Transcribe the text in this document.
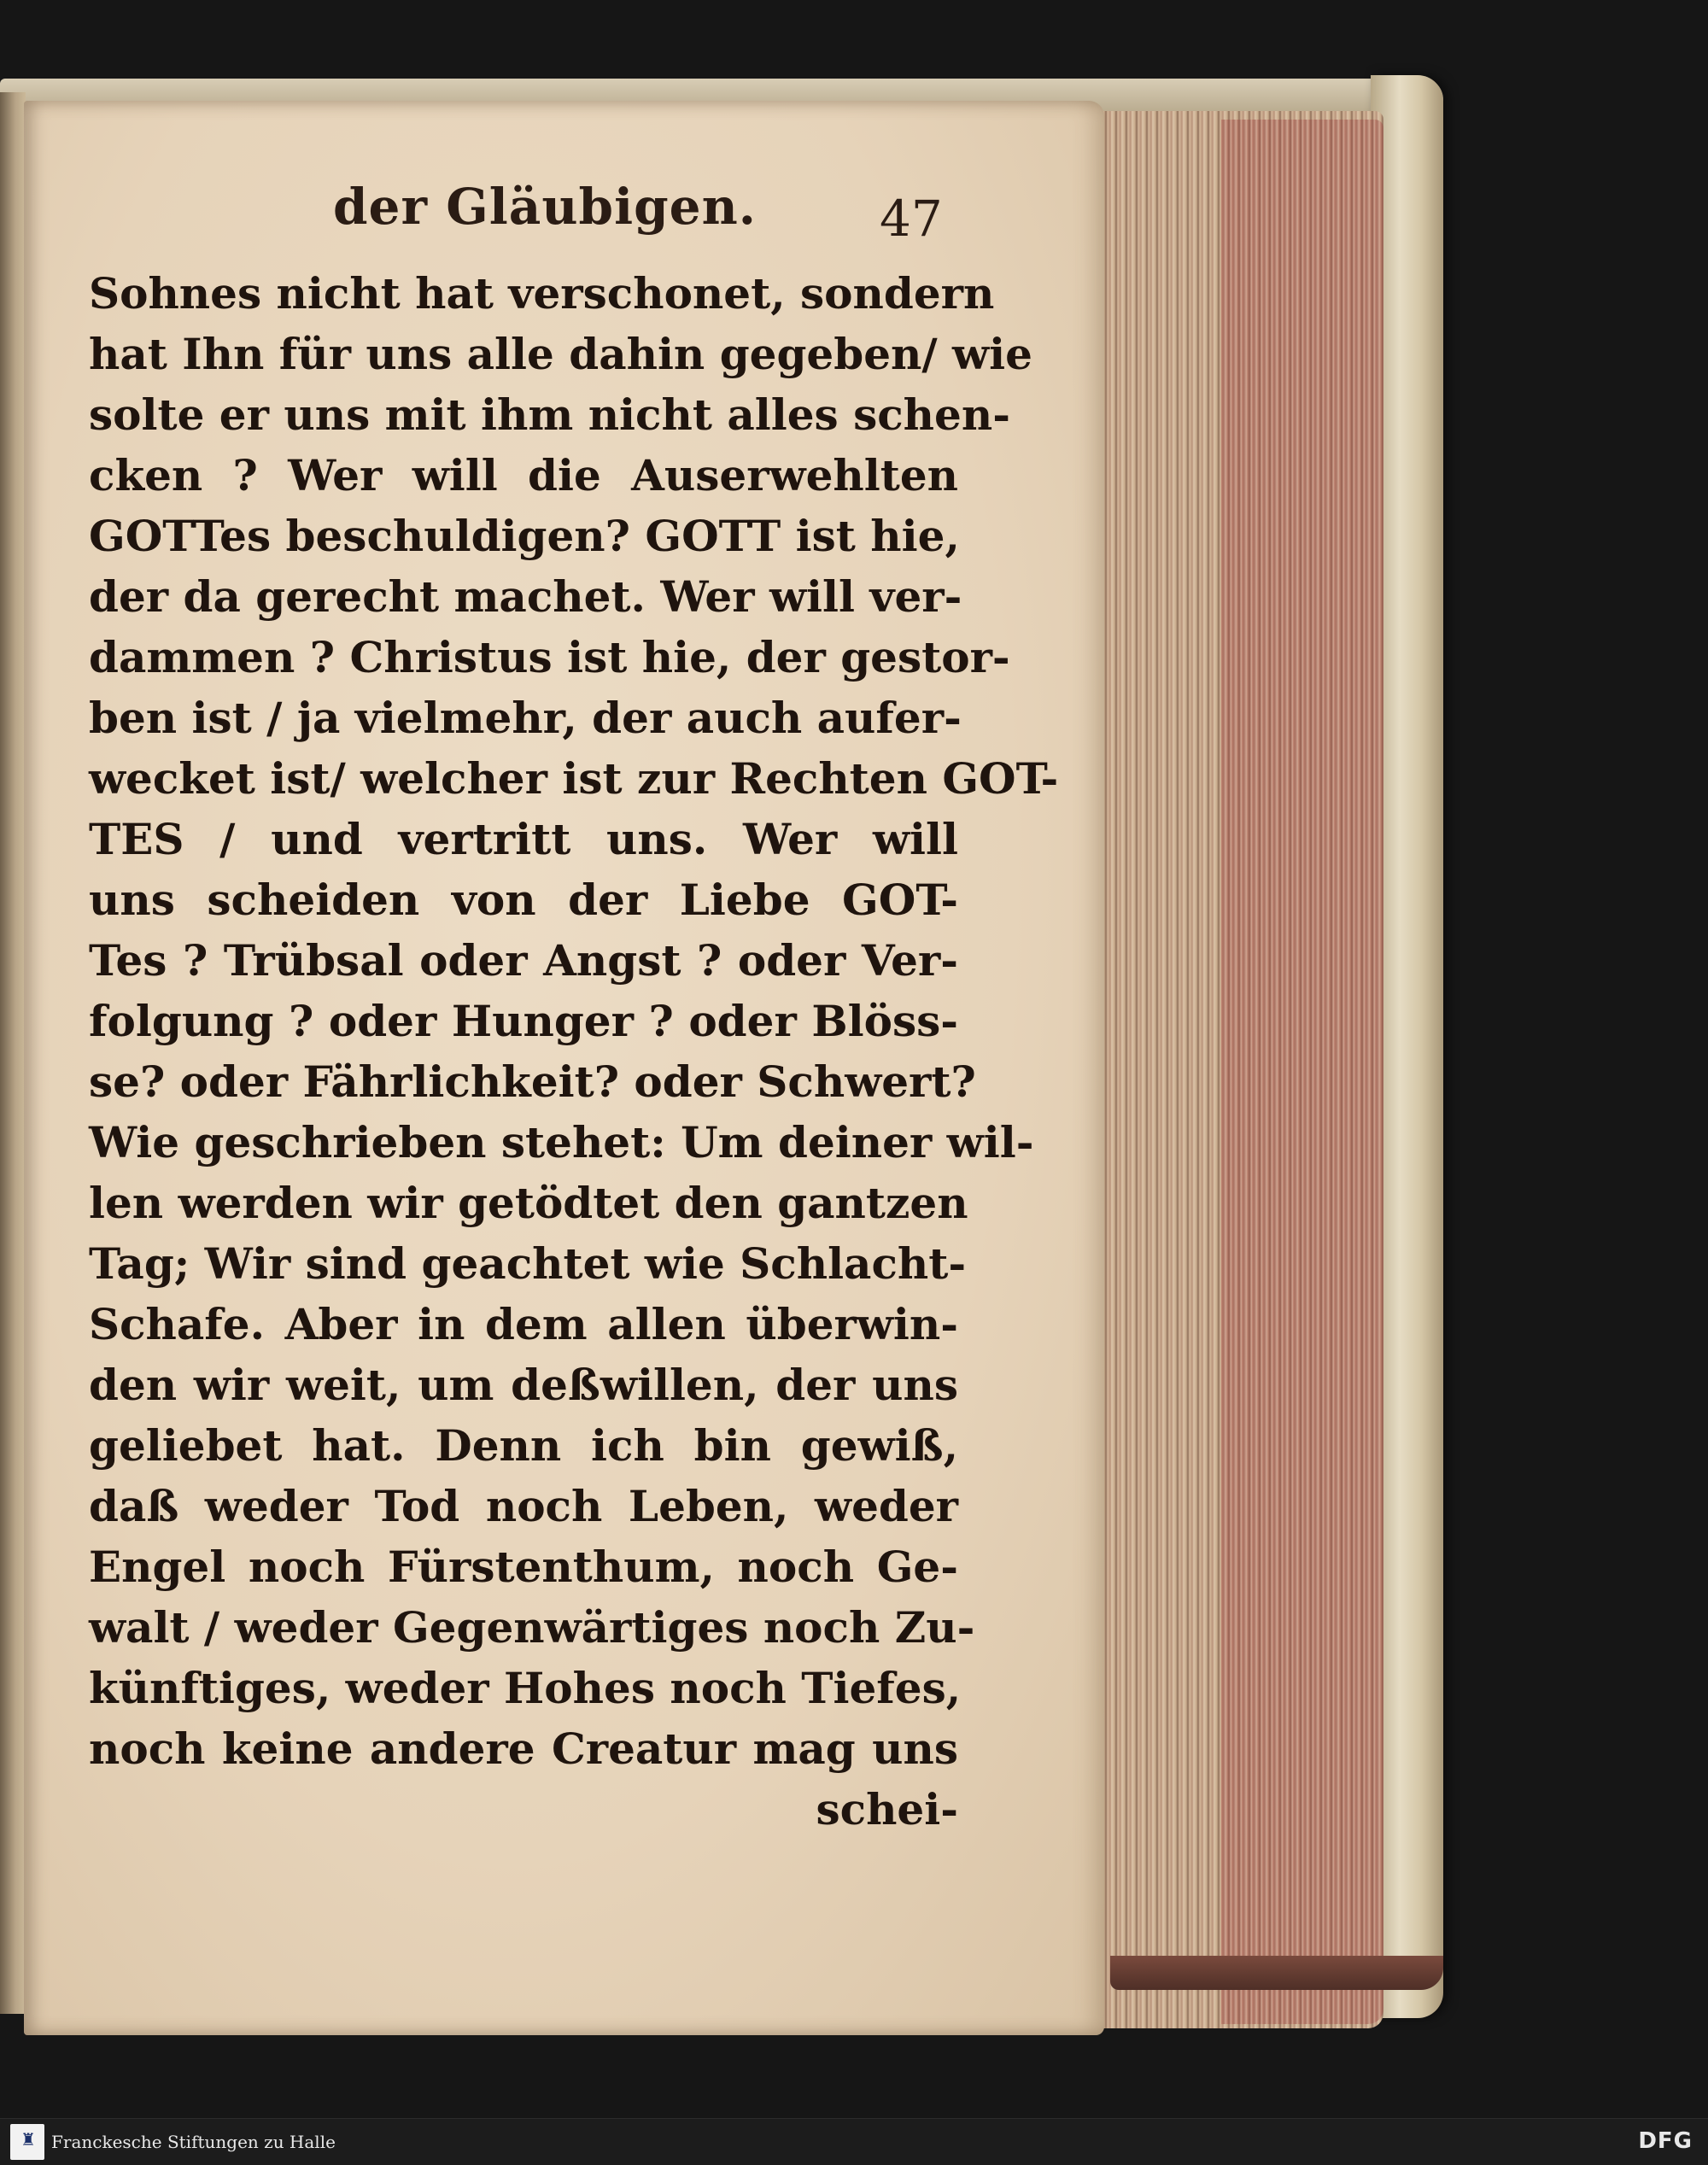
der Gläubigen. 47
Sohnes nicht hat verschonet, sondern
hat Ihn für uns alle dahin gegeben/ wie
solte er uns mit ihm nicht alles schen-
cken ? Wer will die Auserwehlten
GOTTes beschuldigen? GOTT ist hie,
der da gerecht machet. Wer will ver-
dammen ? Christus ist hie, der gestor-
ben ist / ja vielmehr, der auch aufer-
wecket ist/ welcher ist zur Rechten GOT-
TES / und vertritt uns. Wer will
uns scheiden von der Liebe GOT-
Tes ? Trübsal oder Angst ? oder Ver-
folgung ? oder Hunger ? oder Blöss-
se? oder Fährlichkeit? oder Schwert?
Wie geschrieben stehet: Um deiner wil-
len werden wir getödtet den gantzen
Tag; Wir sind geachtet wie Schlacht-
Schafe. Aber in dem allen überwin-
den wir weit, um deßwillen, der uns
geliebet hat. Denn ich bin gewiß,
daß weder Tod noch Leben, weder
Engel noch Fürstenthum, noch Ge-
walt / weder Gegenwärtiges noch Zu-
künftiges, weder Hohes noch Tiefes,
noch keine andere Creatur mag uns
schei-
♜ Franckesche Stiftungen zu Halle	DFG
